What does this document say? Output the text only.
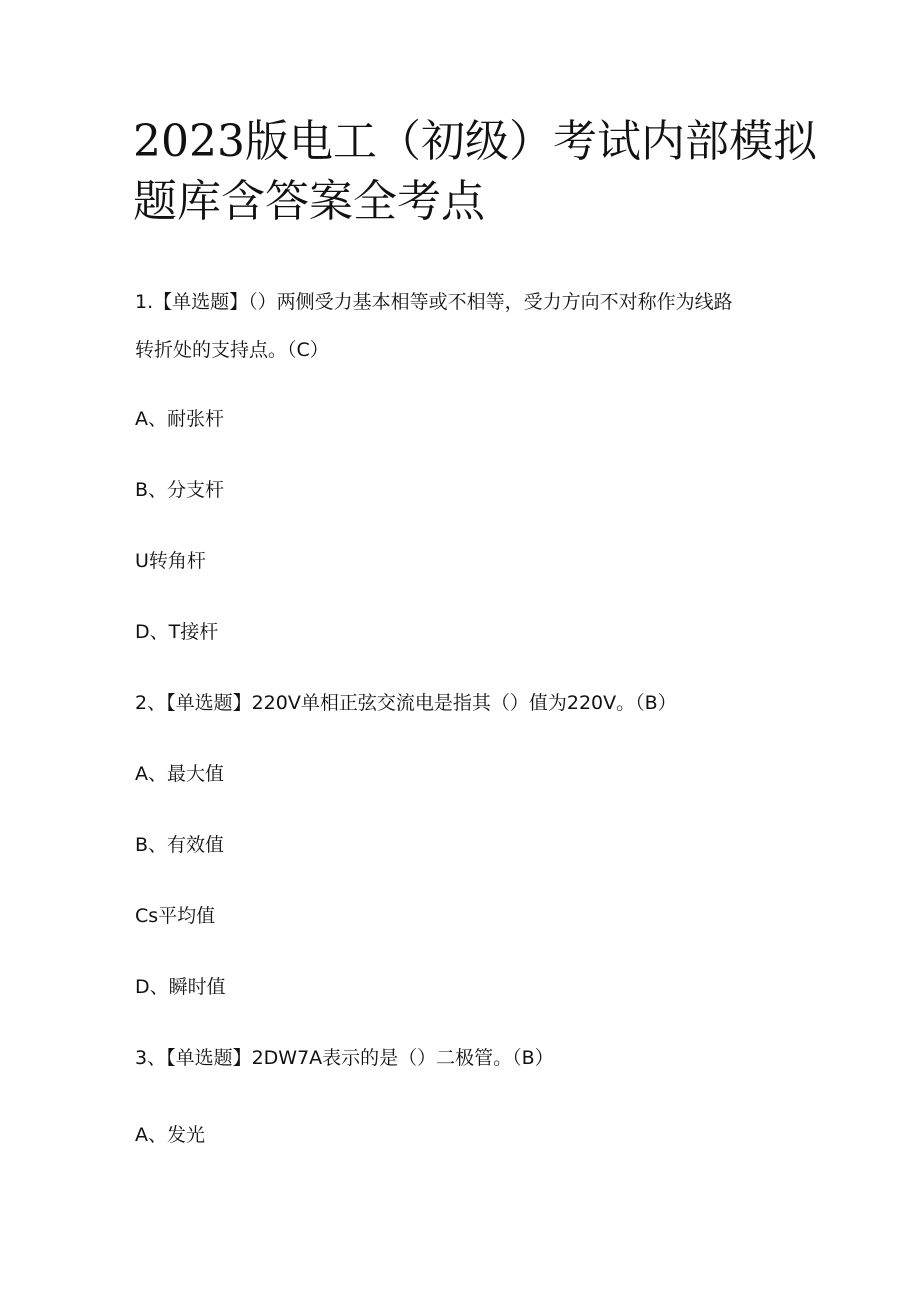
2023版电工（初级）考试内部模拟
题库含答案全考点
1.【单选题】（）两侧受力基本相等或不相等，受力方向不对称作为线路
转折处的支持点。（C）
A、耐张杆
B、分支杆
U转角杆
D、T接杆
2、【单选题】220V单相正弦交流电是指其（）值为220V。（B）
A、最大值
B、有效值
Cs平均值
D、瞬时值
3、【单选题】2DW7A表示的是（）二极管。（B）
A、发光
